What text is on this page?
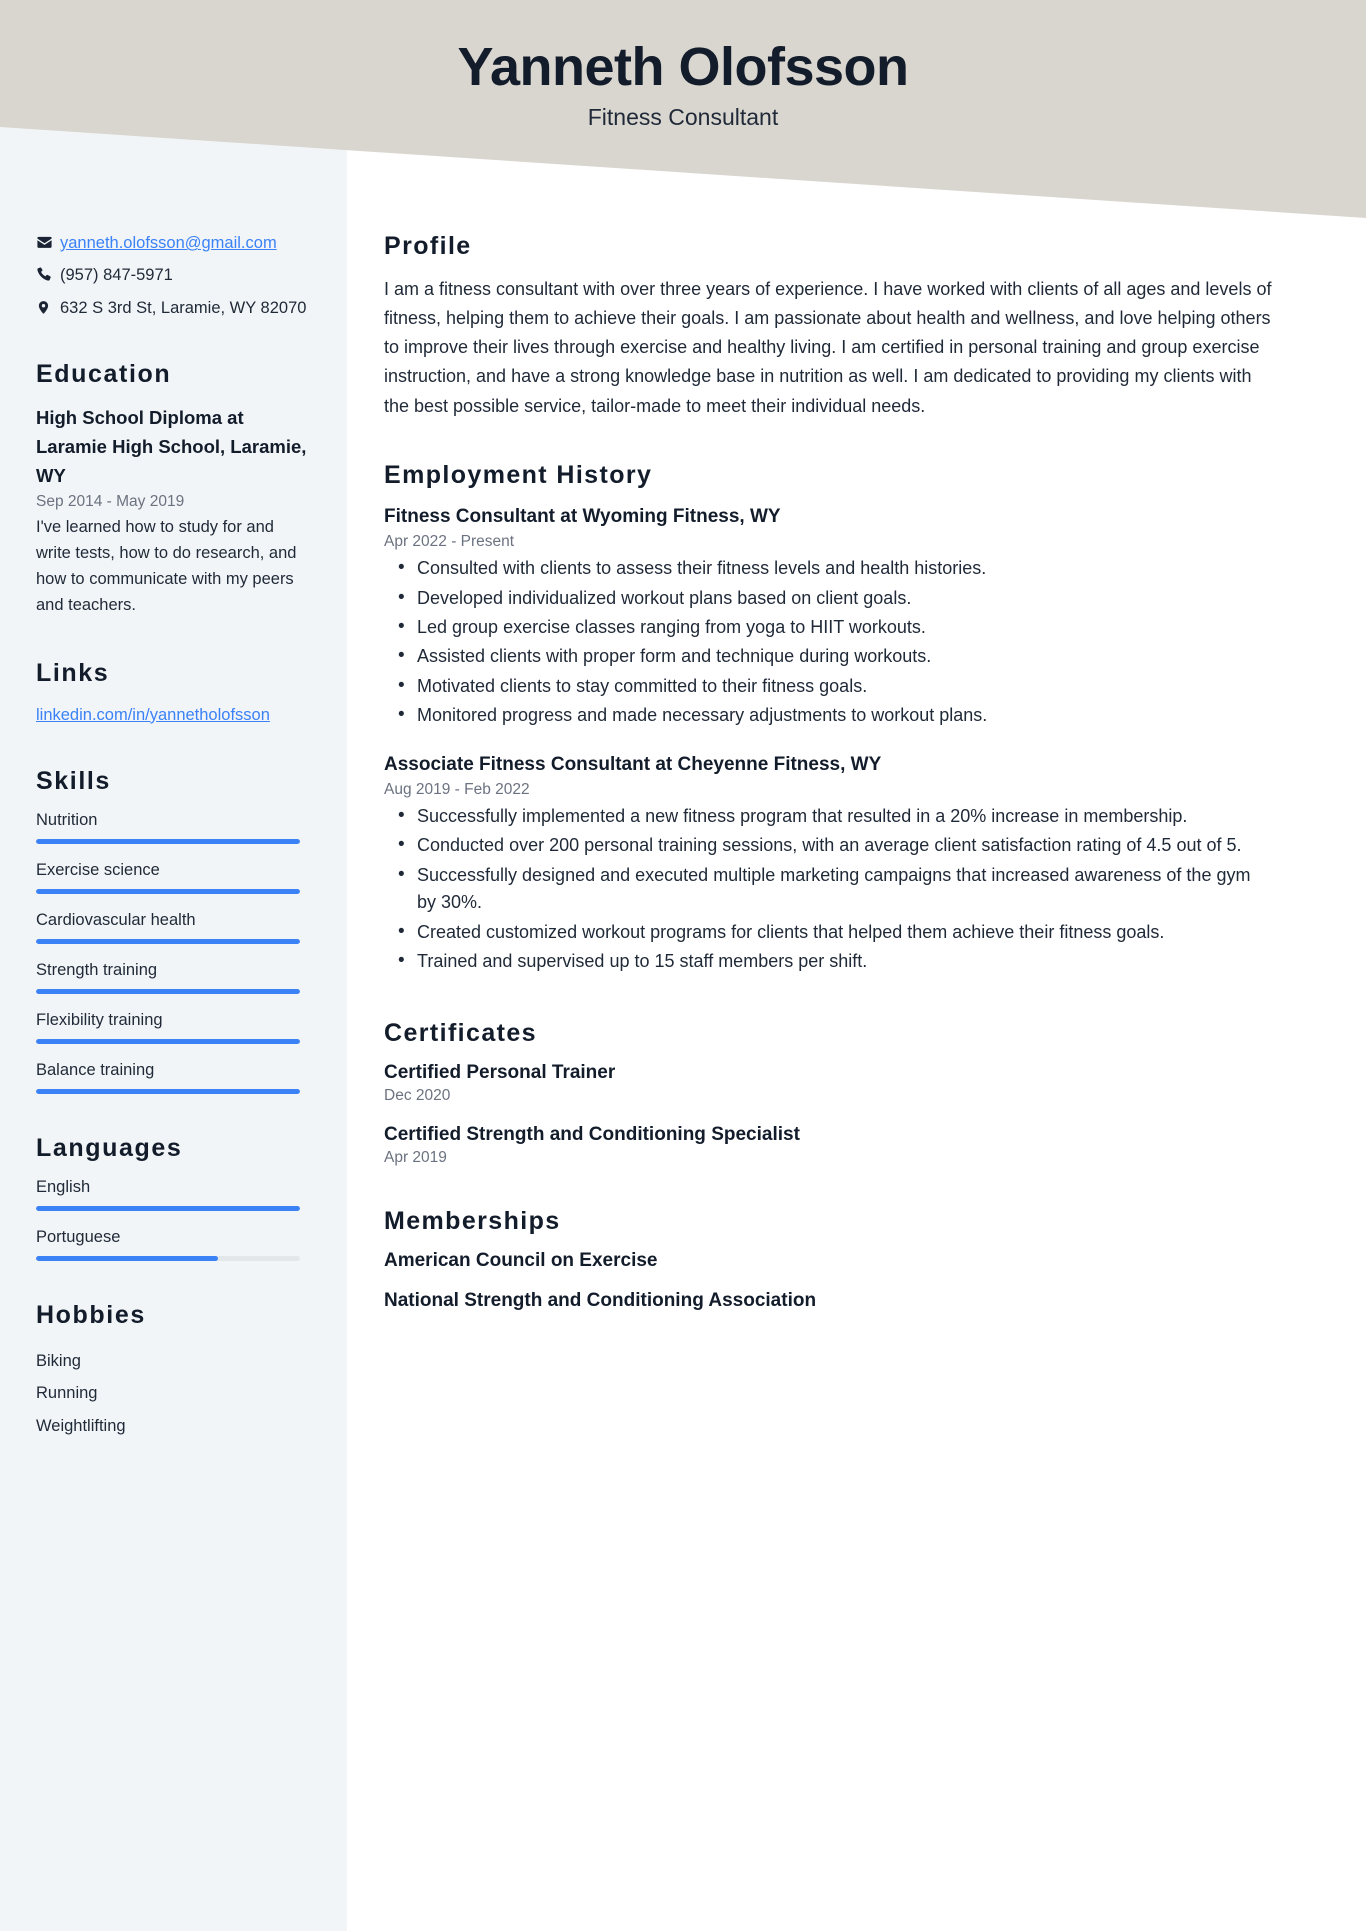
Yanneth Olofsson
Fitness Consultant
yanneth.olofsson@gmail.com
(957) 847-5971
632 S 3rd St, Laramie, WY 82070
Education
High School Diploma at Laramie High School, Laramie, WY
Sep 2014 - May 2019
I've learned how to study for and write tests, how to do research, and how to communicate with my peers and teachers.
Links
linkedin.com/in/yannetholofsson
Skills
Nutrition
Exercise science
Cardiovascular health
Strength training
Flexibility training
Balance training
Languages
English
Portuguese
Hobbies
Biking
Running
Weightlifting
Profile

I am a fitness consultant with over three years of experience. I have worked with clients of all ages and levels of fitness, helping them to achieve their goals. I am passionate about health and wellness, and love helping others to improve their lives through exercise and healthy living. I am certified in personal training and group exercise instruction, and have a strong knowledge base in nutrition as well. I am dedicated to providing my clients with the best possible service, tailor-made to meet their individual needs.

Employment History
Fitness Consultant at Wyoming Fitness, WY
Apr 2022 - Present
• Consulted with clients to assess their fitness levels and health histories.
• Developed individualized workout plans based on client goals.
• Led group exercise classes ranging from yoga to HIIT workouts.
• Assisted clients with proper form and technique during workouts.
• Motivated clients to stay committed to their fitness goals.
• Monitored progress and made necessary adjustments to workout plans.
Associate Fitness Consultant at Cheyenne Fitness, WY
Aug 2019 - Feb 2022
• Successfully implemented a new fitness program that resulted in a 20% increase in membership.
• Conducted over 200 personal training sessions, with an average client satisfaction rating of 4.5 out of 5.
• Successfully designed and executed multiple marketing campaigns that increased awareness of the gym by 30%.
• Created customized workout programs for clients that helped them achieve their fitness goals.
• Trained and supervised up to 15 staff members per shift.
Certificates
Certified Personal Trainer
Dec 2020
Certified Strength and Conditioning Specialist
Apr 2019
Memberships
American Council on Exercise
National Strength and Conditioning Association
